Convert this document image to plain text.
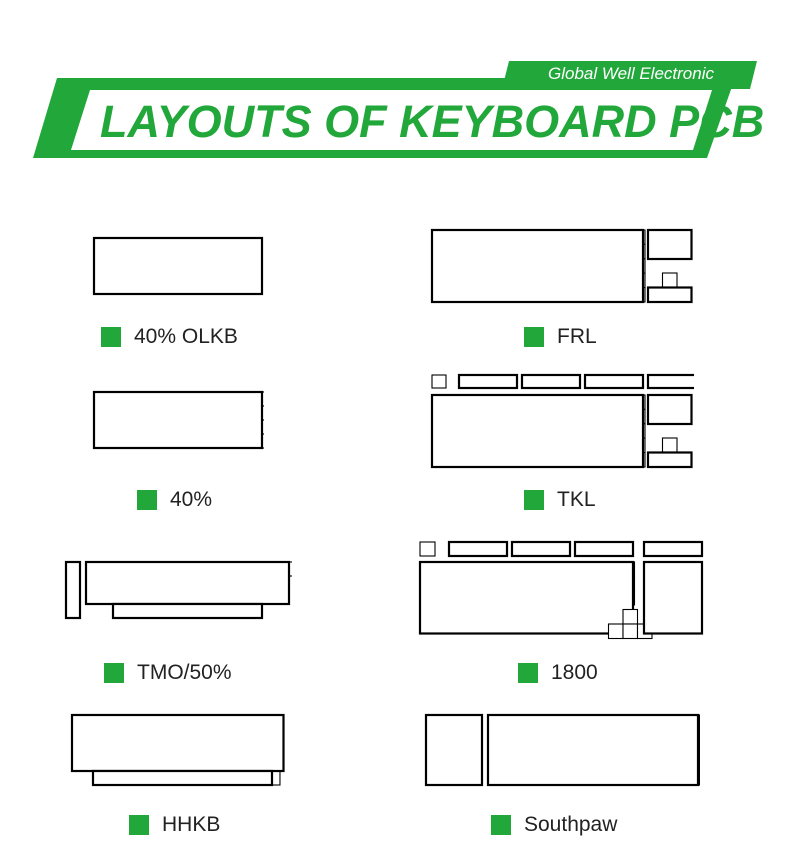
Global Well Electronic
LAYOUTS OF KEYBOARD PCB
40% OLKB	FRL
40%	TKL
TMO/50%	1800
HHKB	Southpaw
